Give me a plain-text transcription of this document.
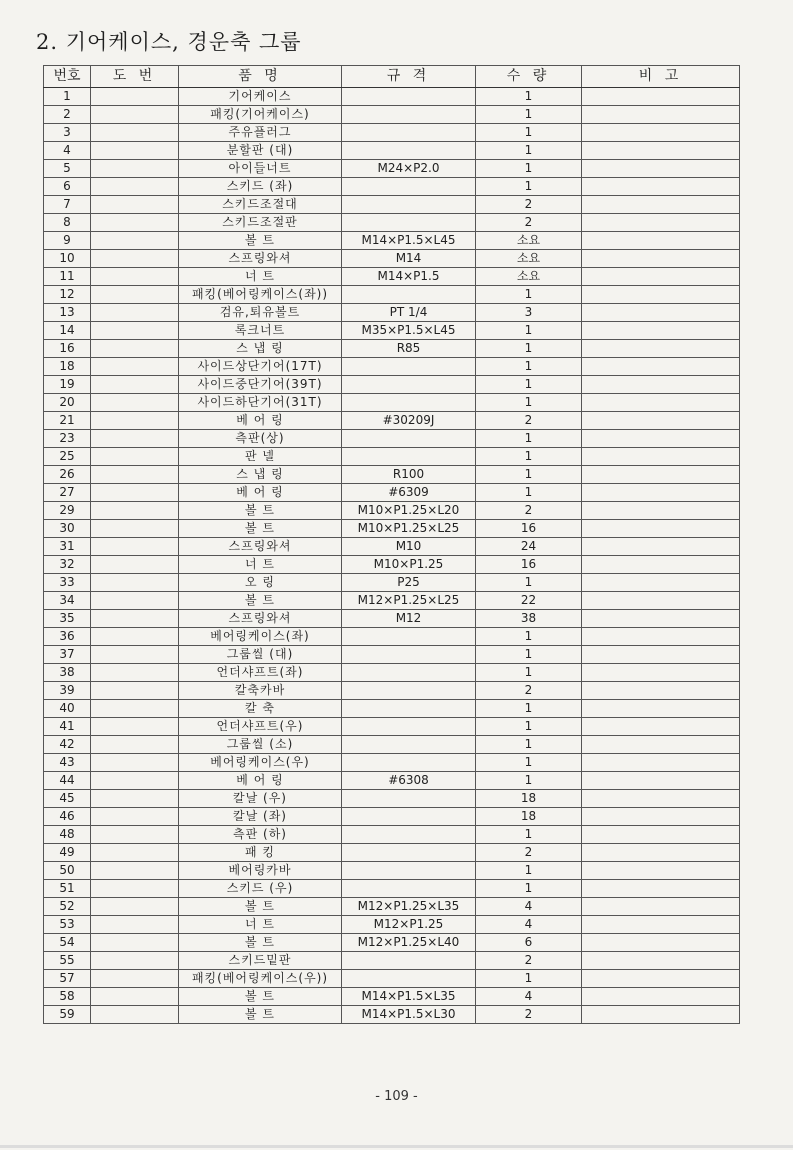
2. 기어케이스, 경운축 그룹
번호	도 번	품 명	규 격	수 량	비 고
1		기어케이스		1	
2		패킹(기어케이스)		1	
3		주유플러그		1	
4		분할판 (대)		1	
5		아이들너트	M24×P2.0	1	
6		스키드 (좌)		1	
7		스키드조절대		2	
8		스키드조절판		2	
9		볼 트	M14×P1.5×L45	소요	
10		스프링와셔	M14	소요	
11		너 트	M14×P1.5	소요	
12		패킹(베어링케이스(좌))		1	
13		검유,퇴유볼트	PT 1/4	3	
14		록크너트	M35×P1.5×L45	1	
16		스 냅 링	R85	1	
18		사이드상단기어(17T)		1	
19		사이드중단기어(39T)		1	
20		사이드하단기어(31T)		1	
21		베 어 링	#30209J	2	
23		측판(상)		1	
25		판 넬		1	
26		스 냅 링	R100	1	
27		베 어 링	#6309	1	
29		볼 트	M10×P1.25×L20	2	
30		볼 트	M10×P1.25×L25	16	
31		스프링와셔	M10	24	
32		너 트	M10×P1.25	16	
33		오 링	P25	1	
34		볼 트	M12×P1.25×L25	22	
35		스프링와셔	M12	38	
36		베어링케이스(좌)		1	
37		그룹씰 (대)		1	
38		언더샤프트(좌)		1	
39		칼축카바		2	
40		칼 축		1	
41		언더샤프트(우)		1	
42		그룹씰 (소)		1	
43		베어링케이스(우)		1	
44		베 어 링	#6308	1	
45		칼날 (우)		18	
46		칼날 (좌)		18	
48		측판 (하)		1	
49		패 킹		2	
50		베어링카바		1	
51		스키드 (우)		1	
52		볼 트	M12×P1.25×L35	4	
53		너 트	M12×P1.25	4	
54		볼 트	M12×P1.25×L40	6	
55		스키드밑판		2	
57		패킹(베어링케이스(우))		1	
58		볼 트	M14×P1.5×L35	4	
59		볼 트	M14×P1.5×L30	2	
- 109 -
